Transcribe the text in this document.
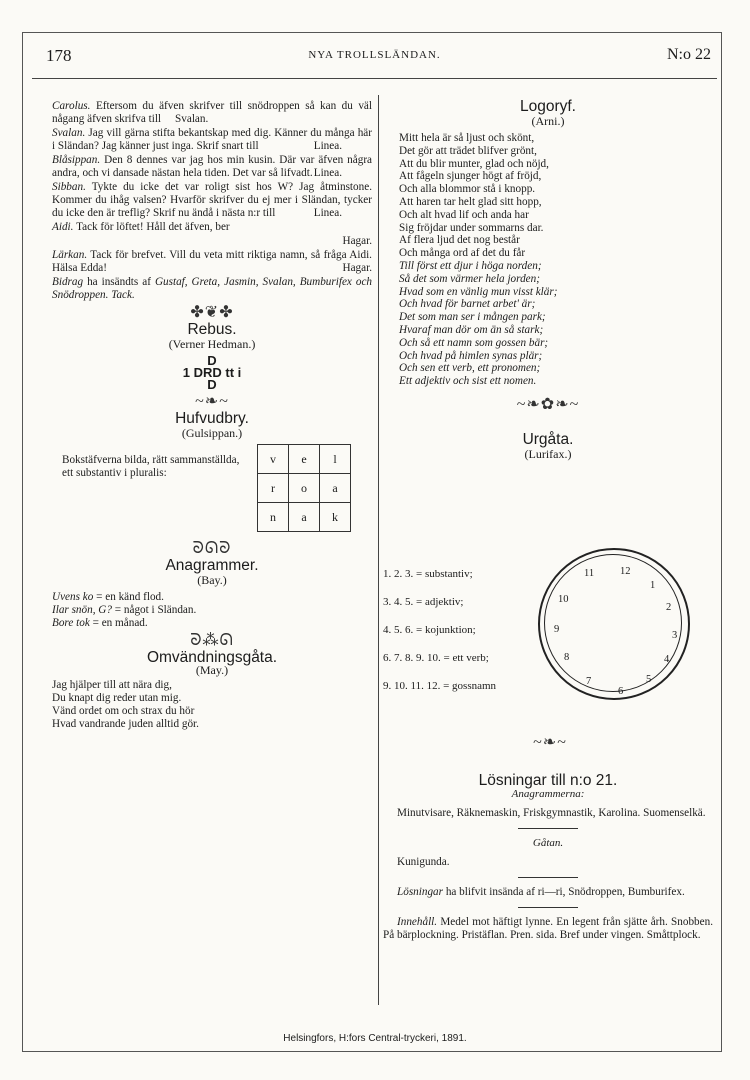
178	NYA TROLLSLÄNDAN.	N:o 22

Carolus. Eftersom du äfven skrifver till snödroppen så kan du väl någang äfven skrifva till Svalan.

Svalan. Jag vill gärna stifta bekantskap med dig. Känner du många här i Sländan? Jag känner just inga. Skrif snart till	Linea.

Blåsippan. Den 8 dennes var jag hos min kusin. Där var äfven några andra, och vi dansade nästan hela tiden. Det var så lifvadt. Linea.

Sibban. Tykte du icke det var roligt sist hos W? Jag åtminstone. Kommer du ihåg valsen? Hvarför skrifver du ej mer i Sländan, tycker du icke den är treflig? Skrif nu ändå i nästa n:r till	Linea.

Aidi. Tack för löftet! Håll det äfven, ber

Hagar.

Lärkan. Tack för brefvet. Vill du veta mitt riktiga namn, så fråga Aidi. Hälsa Edda!	Hagar.

Bidrag ha insändts af Gustaf, Greta, Jasmin, Svalan, Bumburifex och Snödroppen. Tack.

✤❦✤

Rebus.

(Verner Hedman.)

D
1 DRD tt i
D
~❧~

Hufvudbry.

(Gulsippan.)

Bokstäfverna bilda, rätt sammanställda, ett substantiv i pluralis:
v	e	l
r	o	a
n	a	k
ᘐᘏᘐ

Anagrammer.

(Bay.)

Uvens ko = en känd flod.
Ilar snön, G? = något i Sländan.
Bore tok = en månad.
ᘐ⁂ᘏ

Omvändningsgåta.

(May.)

Jag hjälper till att nära dig,
Du knapt dig reder utan mig.
Vänd ordet om och strax du hör
Hvad vandrande juden alltid gör.

Logoryf.

(Arni.)

Mitt hela är så ljust och skönt,
Det gör att trädet blifver grönt,
Att du blir munter, glad och nöjd,
Att fågeln sjunger högt af fröjd,
Och alla blommor stå i knopp.
Att haren tar helt glad sitt hopp,
Och alt hvad lif och anda har
Sig fröjdar under sommarns dar.
Af flera ljud det nog består
Och många ord af det du får
Till först ett djur i höga norden;
Så det som värmer hela jorden;
Hvad som en vänlig mun visst klär;
Och hvad för barnet arbet' är;
Det som man ser i mången park;
Hvaraf man dör om än så stark;
Och så ett namn som gossen bär;
Och hvad på himlen synas plär;
Och sen ett verb, ett pronomen;
Ett adjektiv och sist ett nomen.
~❧✿❧~

Urgåta.

(Lurifax.)

1. 2. 3. = substantiv;
3. 4. 5. = adjektiv;
4. 5. 6. = kojunktion;
6. 7. 8. 9. 10. = ett verb;
9. 10. 11. 12. = gossnamn
11 12
1
2
3
4
5
6
7
8
9
10
~❧~

Lösningar till n:o 21.

Anagrammerna:

Minutvisare, Räknemaskin, Friskgymnastik, Karolina. Suomenselkä.

Gåtan.

Kunigunda.

Lösningar ha blifvit insända af ri—ri, Snödroppen, Bumburifex.

Innehåll. Medel mot häftigt lynne. En legent från sjätte årh. Snobben. På bärplockning. Pristäflan. Pren. sida. Bref under vingen. Småttplock.

Helsingfors, H:fors Central-tryckeri, 1891.
